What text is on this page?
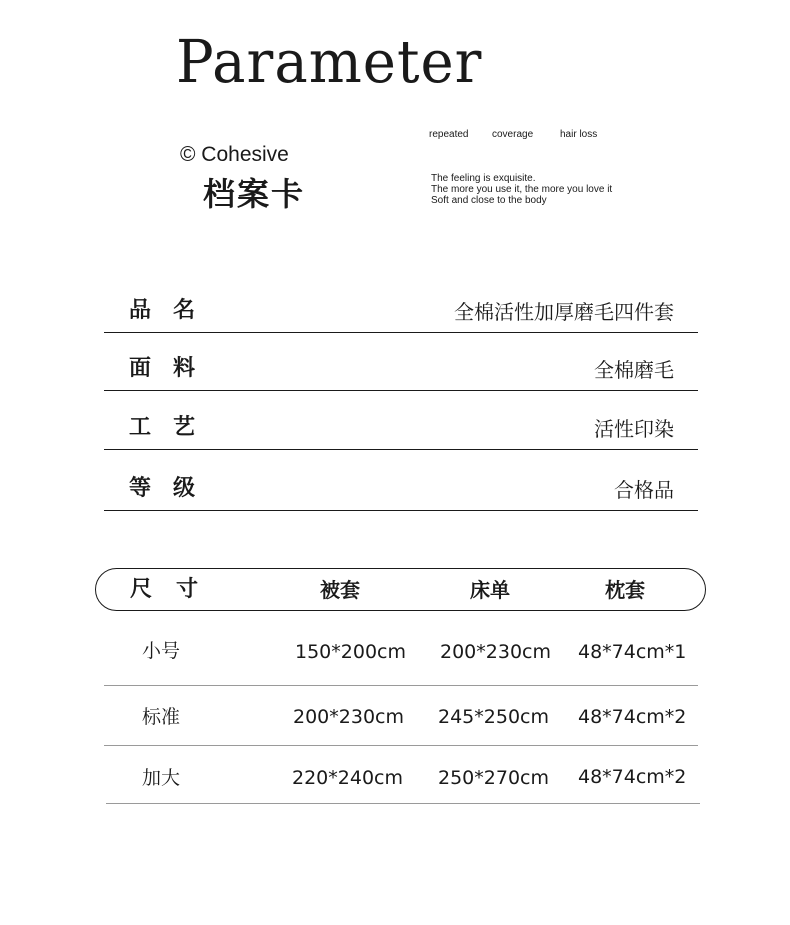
Parameter
repeated coverage	hair loss
© Cohesive
档案卡	The feeling is exquisite.
The more you use it, the more you love it
Soft and close to the body
品名	全棉活性加厚磨毛四件套
面料	全棉磨毛
工艺	活性印染
等级	合格品
尺寸	被套	床单	枕套
小号	150*200cm 200*230cm 48*74cm*1
标准	200*230cm 245*250cm 48*74cm*2
加大	220*240cm 250*270cm 48*74cm*2
